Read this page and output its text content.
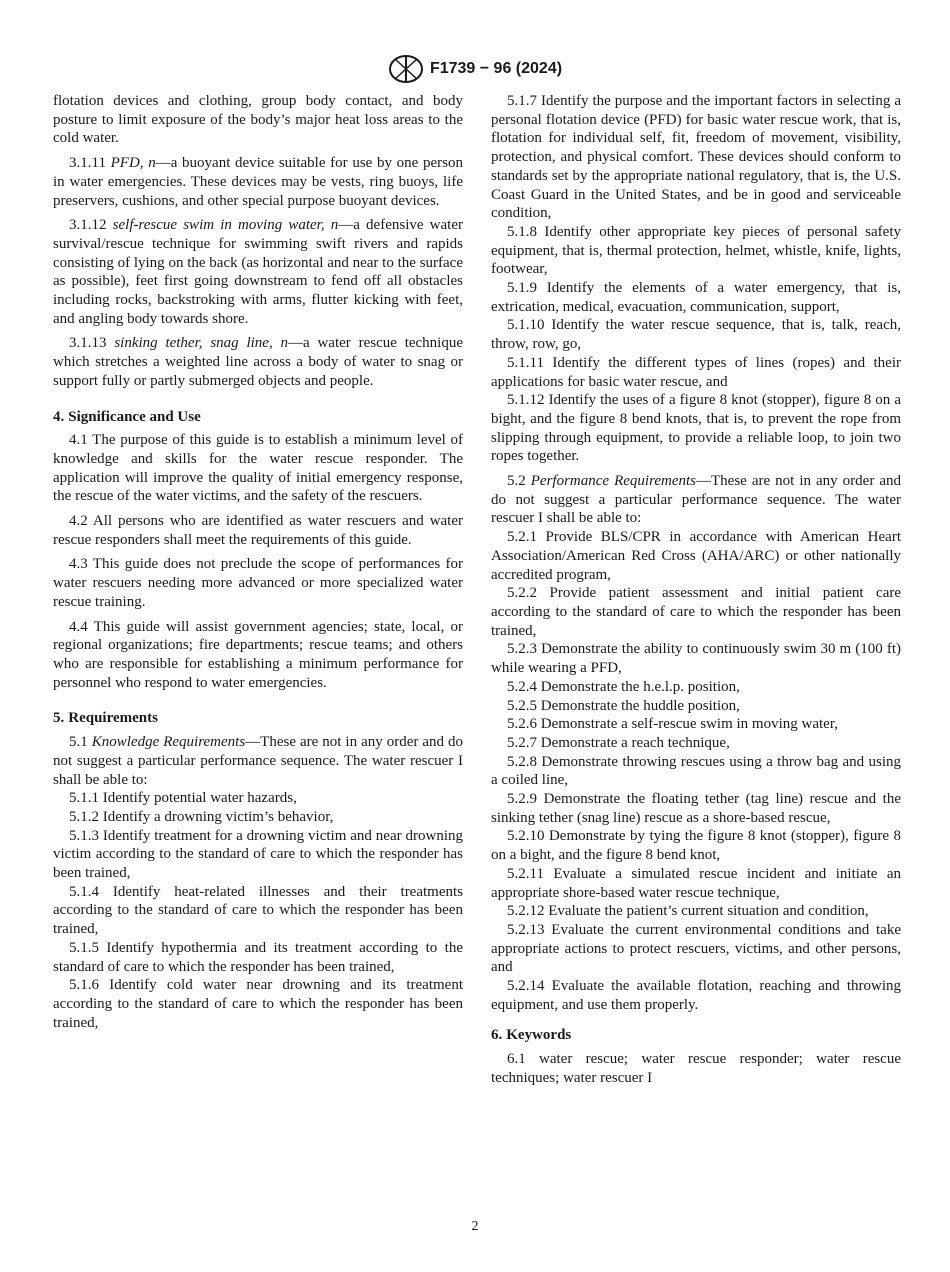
F1739 − 96 (2024)

flotation devices and clothing, group body contact, and body posture to limit exposure of the body’s major heat loss areas to the cold water.

3.1.11 PFD, n—a buoyant device suitable for use by one person in water emergencies. These devices may be vests, ring buoys, life preservers, cushions, and other special purpose buoyant devices.

3.1.12 self-rescue swim in moving water, n—a defensive water survival/rescue technique for swimming swift rivers and rapids consisting of lying on the back (as horizontal and near to the surface as possible), feet first going downstream to fend off all obstacles including rocks, backstroking with arms, flutter kicking with feet, and angling body towards shore.

3.1.13 sinking tether, snag line, n—a water rescue technique which stretches a weighted line across a body of water to snag or support fully or partly submerged objects and people.

4. Significance and Use

4.1 The purpose of this guide is to establish a minimum level of knowledge and skills for the water rescue responder. The application will improve the quality of initial emergency response, the rescue of the water victims, and the safety of the rescuers.

4.2 All persons who are identified as water rescuers and water rescue responders shall meet the requirements of this guide.

4.3 This guide does not preclude the scope of performances for water rescuers needing more advanced or more specialized water rescue training.

4.4 This guide will assist government agencies; state, local, or regional organizations; fire departments; rescue teams; and others who are responsible for establishing a minimum performance for personnel who respond to water emergencies.

5. Requirements

5.1 Knowledge Requirements—These are not in any order and do not suggest a particular performance sequence. The water rescuer I shall be able to:

5.1.1 Identify potential water hazards,

5.1.2 Identify a drowning victim’s behavior,

5.1.3 Identify treatment for a drowning victim and near drowning victim according to the standard of care to which the responder has been trained,

5.1.4 Identify heat-related illnesses and their treatments according to the standard of care to which the responder has been trained,

5.1.5 Identify hypothermia and its treatment according to the standard of care to which the responder has been trained,

5.1.6 Identify cold water near drowning and its treatment according to the standard of care to which the responder has been trained,

5.1.7 Identify the purpose and the important factors in selecting a personal flotation device (PFD) for basic water rescue work, that is, flotation for individual self, fit, freedom of movement, visibility, protection, and physical comfort. These devices should conform to standards set by the appropriate national regulatory, that is, the U.S. Coast Guard in the United States, and be in good and serviceable condition,

5.1.8 Identify other appropriate key pieces of personal safety equipment, that is, thermal protection, helmet, whistle, knife, lights, footwear,

5.1.9 Identify the elements of a water emergency, that is, extrication, medical, evacuation, communication, support,

5.1.10 Identify the water rescue sequence, that is, talk, reach, throw, row, go,

5.1.11 Identify the different types of lines (ropes) and their applications for basic water rescue, and

5.1.12 Identify the uses of a figure 8 knot (stopper), figure 8 on a bight, and the figure 8 bend knots, that is, to prevent the rope from slipping through equipment, to provide a reliable loop, to join two ropes together.

5.2 Performance Requirements—These are not in any order and do not suggest a particular performance sequence. The water rescuer I shall be able to:

5.2.1 Provide BLS/CPR in accordance with American Heart Association/American Red Cross (AHA/ARC) or other nationally accredited program,

5.2.2 Provide patient assessment and initial patient care according to the standard of care to which the responder has been trained,

5.2.3 Demonstrate the ability to continuously swim 30 m (100 ft) while wearing a PFD,

5.2.4 Demonstrate the h.e.l.p. position,

5.2.5 Demonstrate the huddle position,

5.2.6 Demonstrate a self-rescue swim in moving water,

5.2.7 Demonstrate a reach technique,

5.2.8 Demonstrate throwing rescues using a throw bag and using a coiled line,

5.2.9 Demonstrate the floating tether (tag line) rescue and the sinking tether (snag line) rescue as a shore-based rescue,

5.2.10 Demonstrate by tying the figure 8 knot (stopper), figure 8 on a bight, and the figure 8 bend knot,

5.2.11 Evaluate a simulated rescue incident and initiate an appropriate shore-based water rescue technique,

5.2.12 Evaluate the patient’s current situation and condition,

5.2.13 Evaluate the current environmental conditions and take appropriate actions to protect rescuers, victims, and other persons, and

5.2.14 Evaluate the available flotation, reaching and throwing equipment, and use them properly.

6. Keywords

6.1 water rescue; water rescue responder; water rescue techniques; water rescuer I

2
